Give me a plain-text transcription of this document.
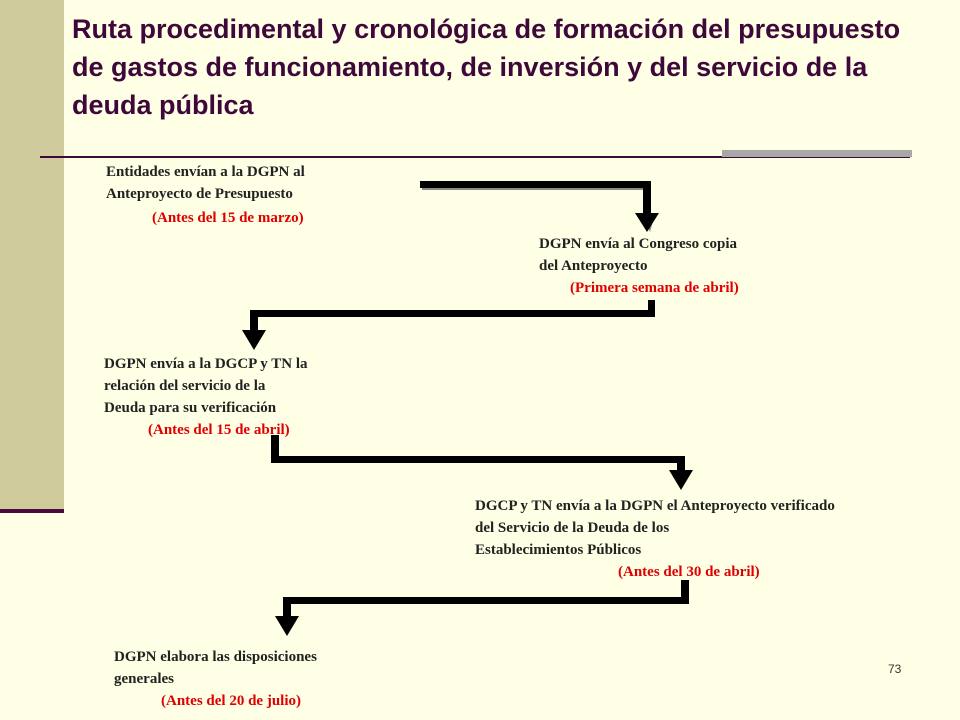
Ruta procedimental y cronológica de formación del presupuesto de gastos de funcionamiento, de inversión y del servicio de la deuda pública
Entidades envían a la DGPN al
Anteproyecto de Presupuesto
(Antes del 15 de marzo)
DGPN envía al Congreso copia
del Anteproyecto
(Primera semana de abril)
DGPN envía a la DGCP y TN la
relación del servicio de la
Deuda para su verificación
(Antes del 15 de abril)
DGCP y TN envía a la DGPN el Anteproyecto verificado
del Servicio de la Deuda de los
Establecimientos Públicos
(Antes del 30 de abril)
DGPN elabora las disposiciones
generales
(Antes del 20 de julio)
73
